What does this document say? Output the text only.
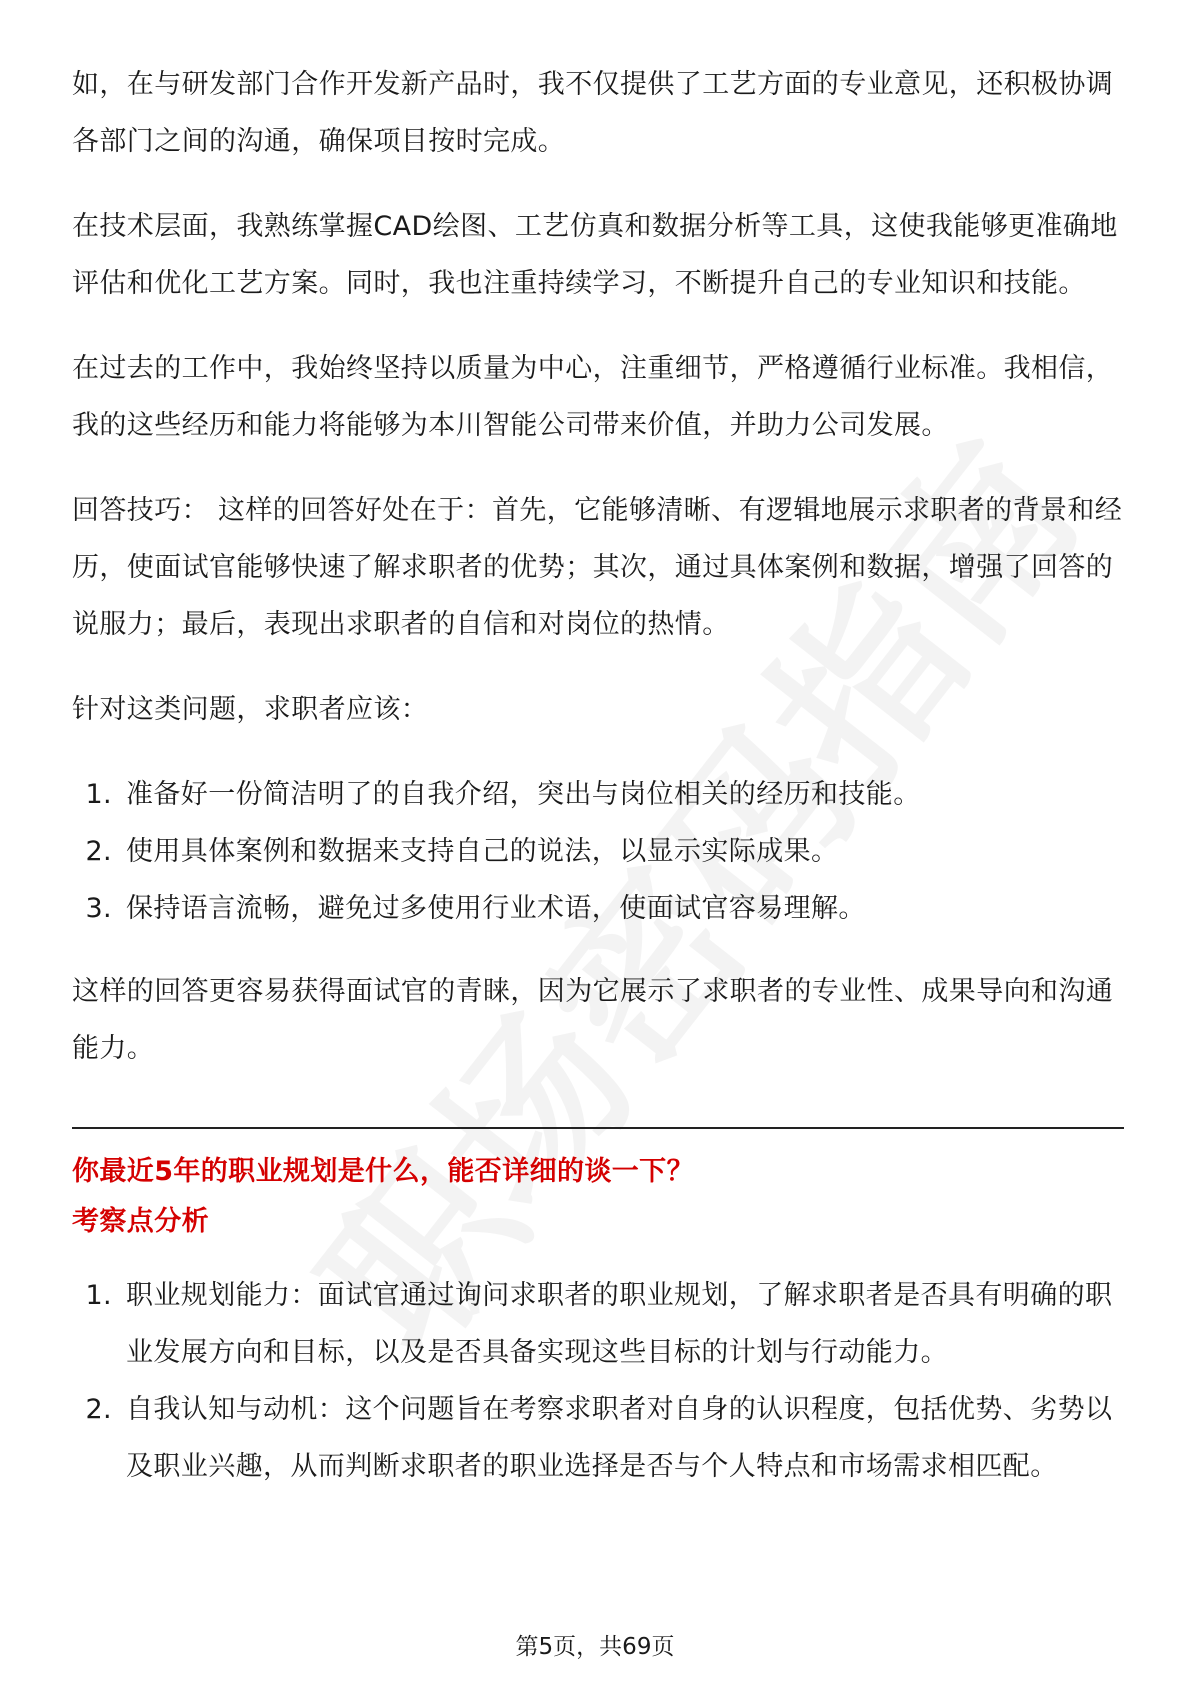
如，在与研发部门合作开发新产品时，我不仅提供了工艺方面的专业意见，还积极协调各部门之间的沟通，确保项目按时完成。

在技术层面，我熟练掌握CAD绘图、工艺仿真和数据分析等工具，这使我能够更准确地评估和优化工艺方案。同时，我也注重持续学习，不断提升自己的专业知识和技能。

在过去的工作中，我始终坚持以质量为中心，注重细节，严格遵循行业标准。我相信，我的这些经历和能力将能够为本川智能公司带来价值，并助力公司发展。

回答技巧： 这样的回答好处在于：首先，它能够清晰、有逻辑地展示求职者的背景和经历，使面试官能够快速了解求职者的优势；其次，通过具体案例和数据，增强了回答的说服力；最后，表现出求职者的自信和对岗位的热情。

针对这类问题，求职者应该：

1. 准备好一份简洁明了的自我介绍，突出与岗位相关的经历和技能。
2. 使用具体案例和数据来支持自己的说法，以显示实际成果。
3. 保持语言流畅，避免过多使用行业术语，使面试官容易理解。

这样的回答更容易获得面试官的青睐，因为它展示了求职者的专业性、成果导向和沟通能力。

你最近5年的职业规划是什么，能否详细的谈一下？

考察点分析

1. 职业规划能力：面试官通过询问求职者的职业规划，了解求职者是否具有明确的职业发展方向和目标，以及是否具备实现这些目标的计划与行动能力。
2. 自我认知与动机：这个问题旨在考察求职者对自身的认识程度，包括优势、劣势以及职业兴趣，从而判断求职者的职业选择是否与个人特点和市场需求相匹配。
第5页，共69页
